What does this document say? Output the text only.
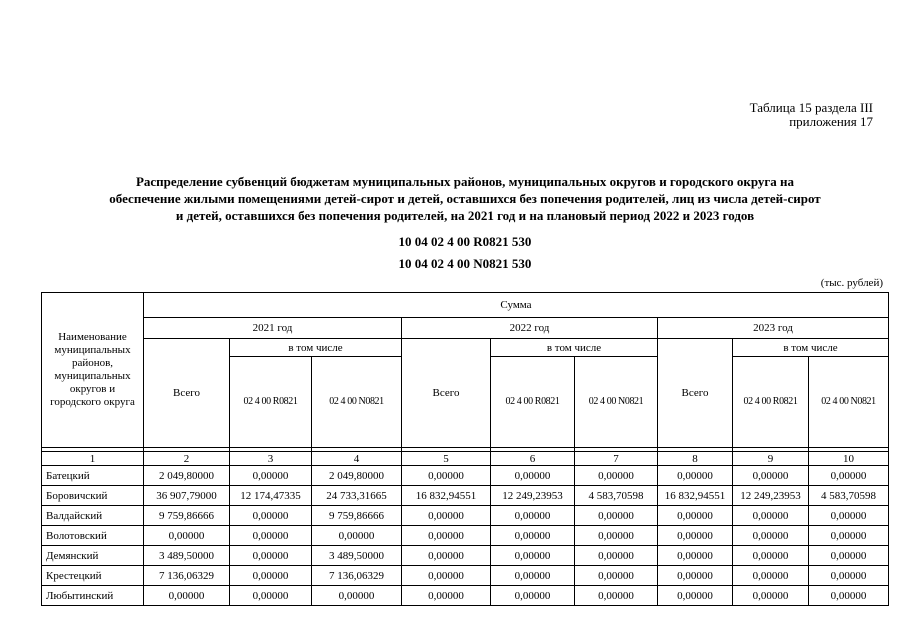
Таблица 15 раздела III
приложения 17
Распределение субвенций бюджетам муниципальных районов, муниципальных округов и городского округа на
обеспечение жилыми помещениями детей-сирот и детей, оставшихся без попечения родителей, лиц из числа детей-сирот
и детей, оставшихся без попечения родителей, на 2021 год и на плановый период 2022 и 2023 годов
10 04 02 4 00 R0821 530
10 04 02 4 00 N0821 530
(тыс. рублей)
Наименование муниципальных районов, муниципальных округов и городского округа	Сумма								
	2021 год			2022 год			2023 год		
	Всего	в том числе		Всего	в том числе		Всего	в том числе	
		02 4 00 R0821	02 4 00 N0821		02 4 00 R0821	02 4 00 N0821		02 4 00 R0821	02 4 00 N0821

1	2	3	4	5	6	7	8	9	10
Батецкий	2 049,80000	0,00000	2 049,80000	0,00000	0,00000	0,00000	0,00000	0,00000	0,00000
Боровичский	36 907,79000	12 174,47335	24 733,31665	16 832,94551	12 249,23953	4 583,70598	16 832,94551	12 249,23953	4 583,70598
Валдайский	9 759,86666	0,00000	9 759,86666	0,00000	0,00000	0,00000	0,00000	0,00000	0,00000
Волотовский	0,00000	0,00000	0,00000	0,00000	0,00000	0,00000	0,00000	0,00000	0,00000
Демянский	3 489,50000	0,00000	3 489,50000	0,00000	0,00000	0,00000	0,00000	0,00000	0,00000
Крестецкий	7 136,06329	0,00000	7 136,06329	0,00000	0,00000	0,00000	0,00000	0,00000	0,00000
Любытинский	0,00000	0,00000	0,00000	0,00000	0,00000	0,00000	0,00000	0,00000	0,00000
